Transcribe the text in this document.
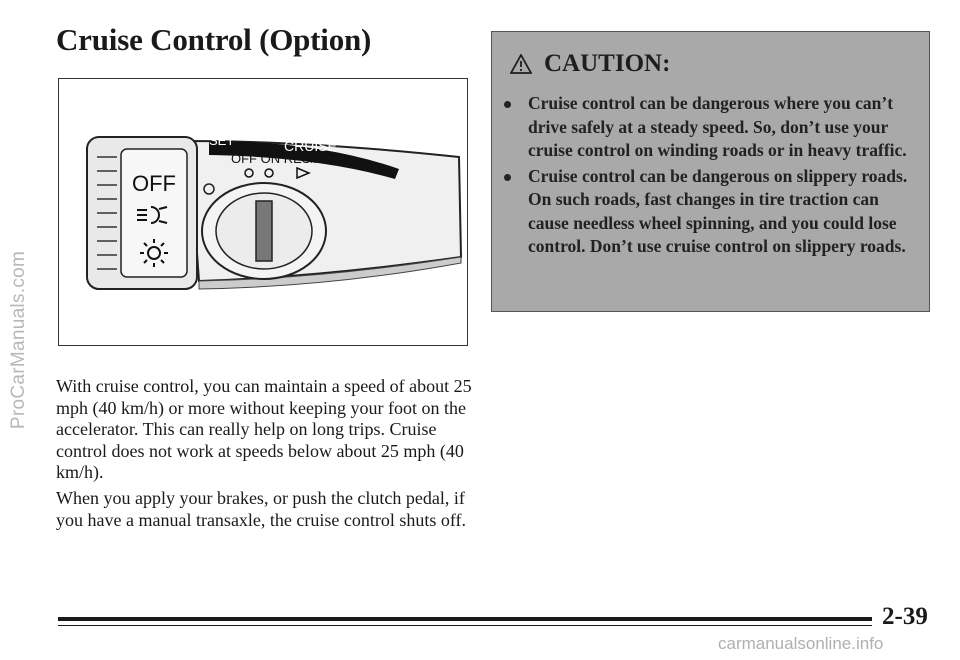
ProCarManuals.com
Cruise Control (Option)
OFF
SET	CRUISE
OFF ON RES/ACC

With cruise control, you can maintain a speed of about 25 mph (40 km/h) or more without keeping your foot on the accelerator. This can really help on long trips. Cruise control does not work at speeds below about 25 mph (40 km/h).

When you apply your brakes, or push the clutch pedal, if you have a manual transaxle, the cruise control shuts off.

CAUTION:
Cruise control can be dangerous where you can’t drive safely at a steady speed. So, don’t use your cruise control on winding roads or in heavy traffic.
Cruise control can be dangerous on slippery roads. On such roads, fast changes in tire traction can cause needless wheel spinning, and you could lose control. Don’t use cruise control on slippery roads.
2-39
carmanualsonline.info
